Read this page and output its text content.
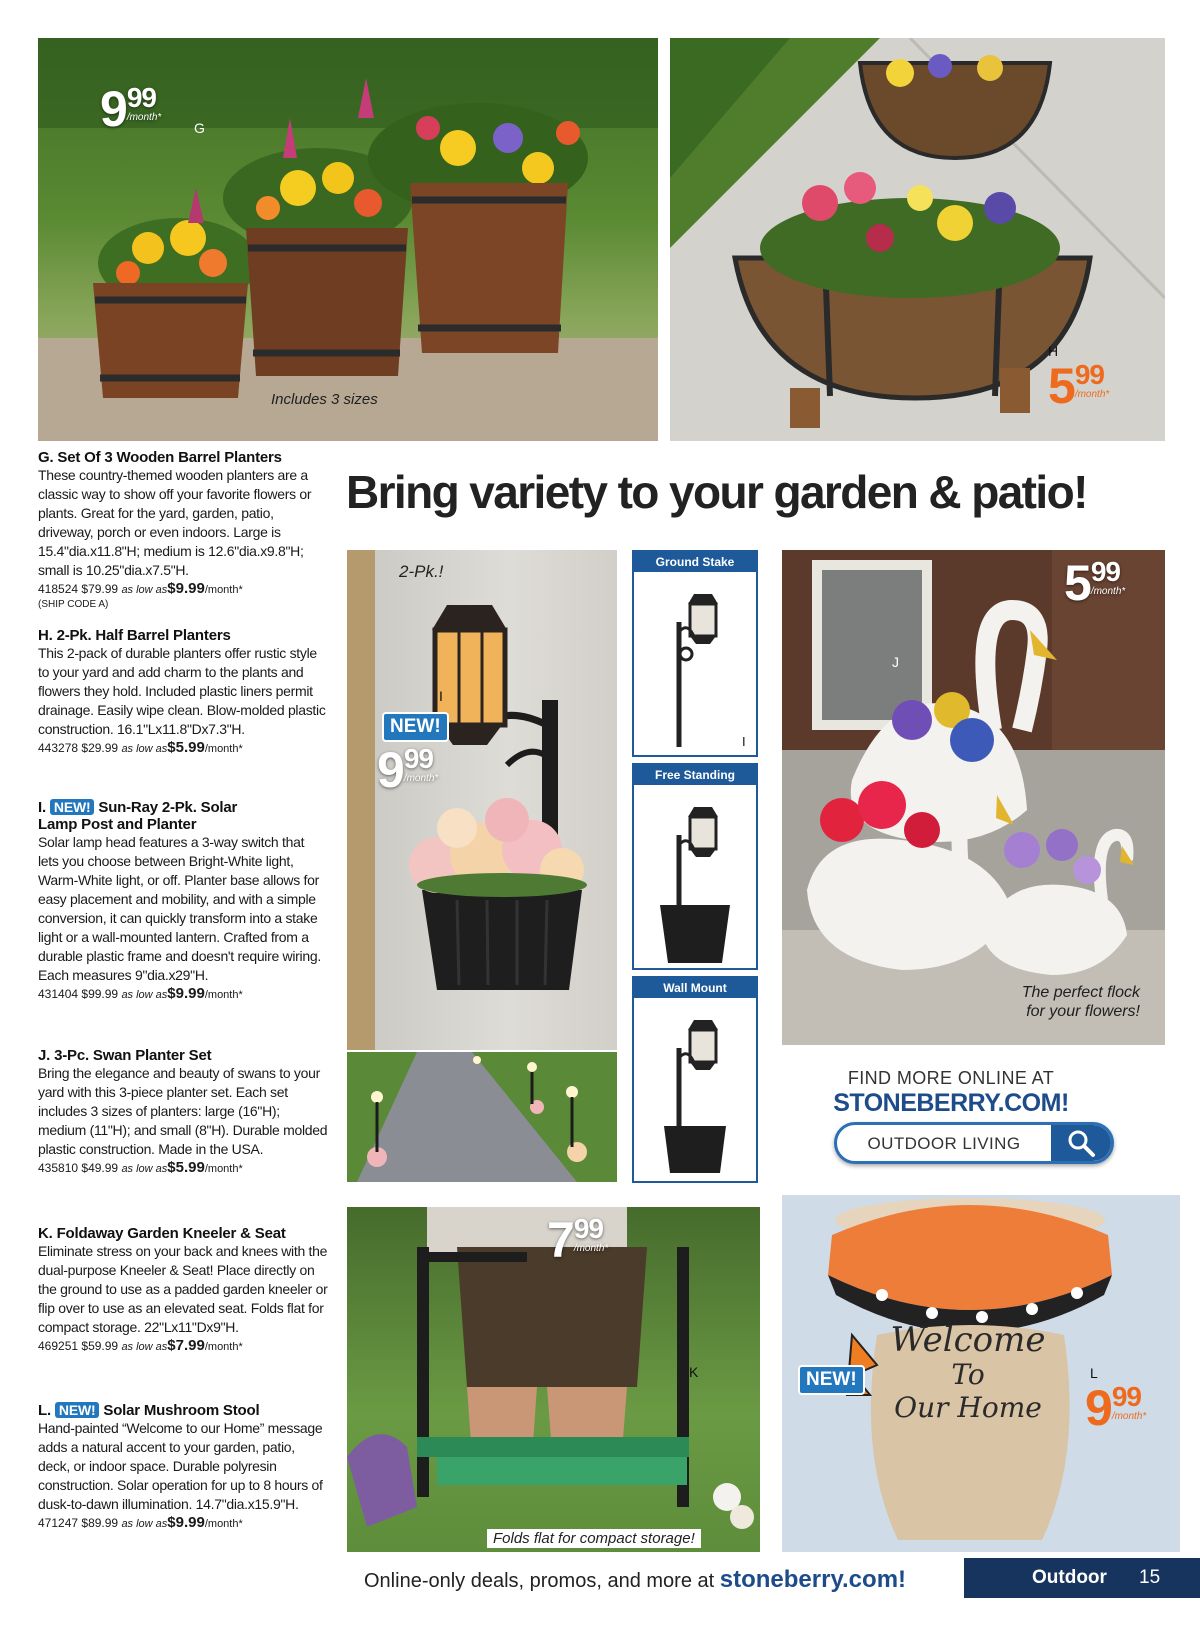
9 99
/month*
G
Includes 3 sizes
H
5 99
/month*
Bring variety to your garden & patio!
G. Set Of 3 Wooden Barrel Planters
These country-themed wooden planters are a classic way to show off your favorite flowers or plants. Great for the yard, garden, patio, driveway, porch or even indoors. Large is 15.4"dia.x11.8"H; medium is 12.6"dia.x9.8"H; small is 10.25"dia.x7.5"H.
418524 $79.99 as low as$9.99/month*
(SHIP CODE A)
H. 2-Pk. Half Barrel Planters
This 2-pack of durable planters offer rustic style to your yard and add charm to the plants and flowers they hold. Included plastic liners permit drainage. Easily wipe clean. Blow-molded plastic construction. 16.1"Lx11.8"Dx7.3"H.
443278 $29.99 as low as$5.99/month*
I. NEW! Sun-Ray 2-Pk. Solar
Lamp Post and Planter
Solar lamp head features a 3-way switch that lets you choose between Bright-White light, Warm-White light, or off. Planter base allows for easy placement and mobility, and with a simple conversion, it can quickly transform into a stake light or a wall-mounted lantern. Crafted from a durable plastic frame and doesn't require wiring. Each measures 9"dia.x29"H.
431404 $99.99 as low as$9.99/month*
J. 3-Pc. Swan Planter Set
Bring the elegance and beauty of swans to your yard with this 3-piece planter set. Each set includes 3 sizes of planters: large (16"H); medium (11"H); and small (8"H). Durable molded plastic construction. Made in the USA.
435810 $49.99 as low as$5.99/month*
K. Foldaway Garden Kneeler & Seat
Eliminate stress on your back and knees with the dual-purpose Kneeler & Seat! Place directly on the ground to use as a padded garden kneeler or flip over to use as an elevated seat. Folds flat for compact storage. 22"Lx11"Dx9"H.
469251 $59.99 as low as$7.99/month*
L. NEW! Solar Mushroom Stool
Hand-painted “Welcome to our Home” message adds a natural accent to your garden, patio, deck, or indoor space. Durable polyresin construction. Solar operation for up to 8 hours of dusk-to-dawn illumination. 14.7"dia.x15.9"H.
471247 $89.99 as low as$9.99/month*
2-Pk.!
I
NEW!
9 99
/month*
Ground Stake
I
Free Standing
Wall Mount
5 99
/month*
J
The perfect flock
for your flowers!
FIND MORE ONLINE AT
STONEBERRY.COM!
OUTDOOR LIVING
7 99
/month*
K
Folds flat for compact storage!
Welcome
To
Our Home
NEW!	L
9 99
/month*
Online-only deals, promos, and more at stoneberry.com!	Outdoor 15
